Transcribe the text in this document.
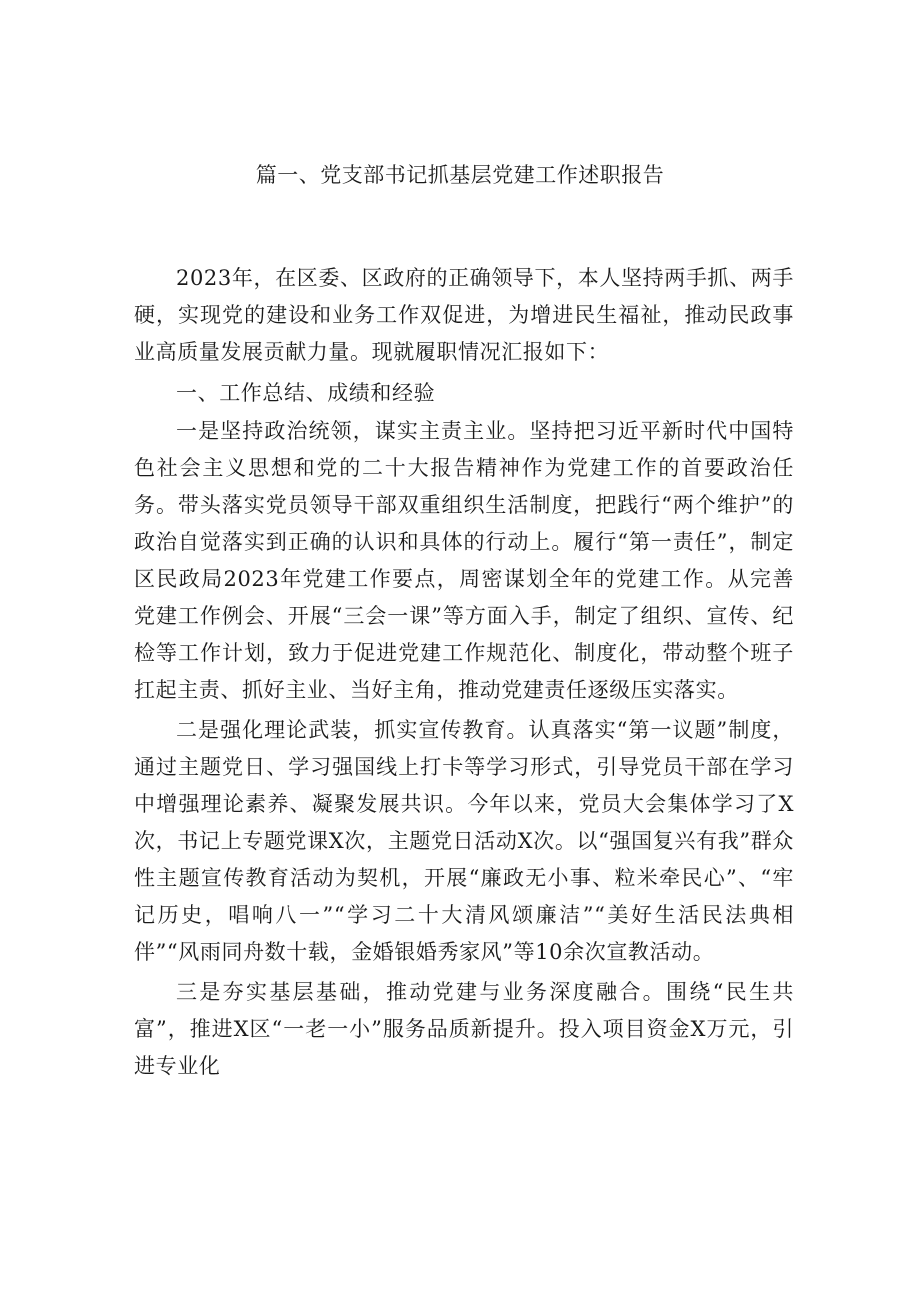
篇一、党支部书记抓基层党建工作述职报告

2023年，在区委、区政府的正确领导下，本人坚持两手抓、两手硬，实现党的建设和业务工作双促进，为增进民生福祉，推动民政事业高质量发展贡献力量。现就履职情况汇报如下：

一、工作总结、成绩和经验

一是坚持政治统领，谋实主责主业。坚持把习近平新时代中国特色社会主义思想和党的二十大报告精神作为党建工作的首要政治任务。带头落实党员领导干部双重组织生活制度，把践行“两个维护”的政治自觉落实到正确的认识和具体的行动上。履行“第一责任”，制定区民政局2023年党建工作要点，周密谋划全年的党建工作。从完善党建工作例会、开展“三会一课”等方面入手，制定了组织、宣传、纪检等工作计划，致力于促进党建工作规范化、制度化，带动整个班子扛起主责、抓好主业、当好主角，推动党建责任逐级压实落实。

二是强化理论武装，抓实宣传教育。认真落实“第一议题”制度，通过主题党日、学习强国线上打卡等学习形式，引导党员干部在学习中增强理论素养、凝聚发展共识。今年以来，党员大会集体学习了X次，书记上专题党课X次，主题党日活动X次。以“强国复兴有我”群众性主题宣传教育活动为契机，开展“廉政无小事、粒米牵民心”、“牢记历史，唱响八一”“学习二十大清风颂廉洁”“美好生活民法典相伴”“风雨同舟数十载，金婚银婚秀家风”等10余次宣教活动。

三是夯实基层基础，推动党建与业务深度融合。围绕“民生共富”，推进X区“一老一小”服务品质新提升。投入项目资金X万元，引进专业化
